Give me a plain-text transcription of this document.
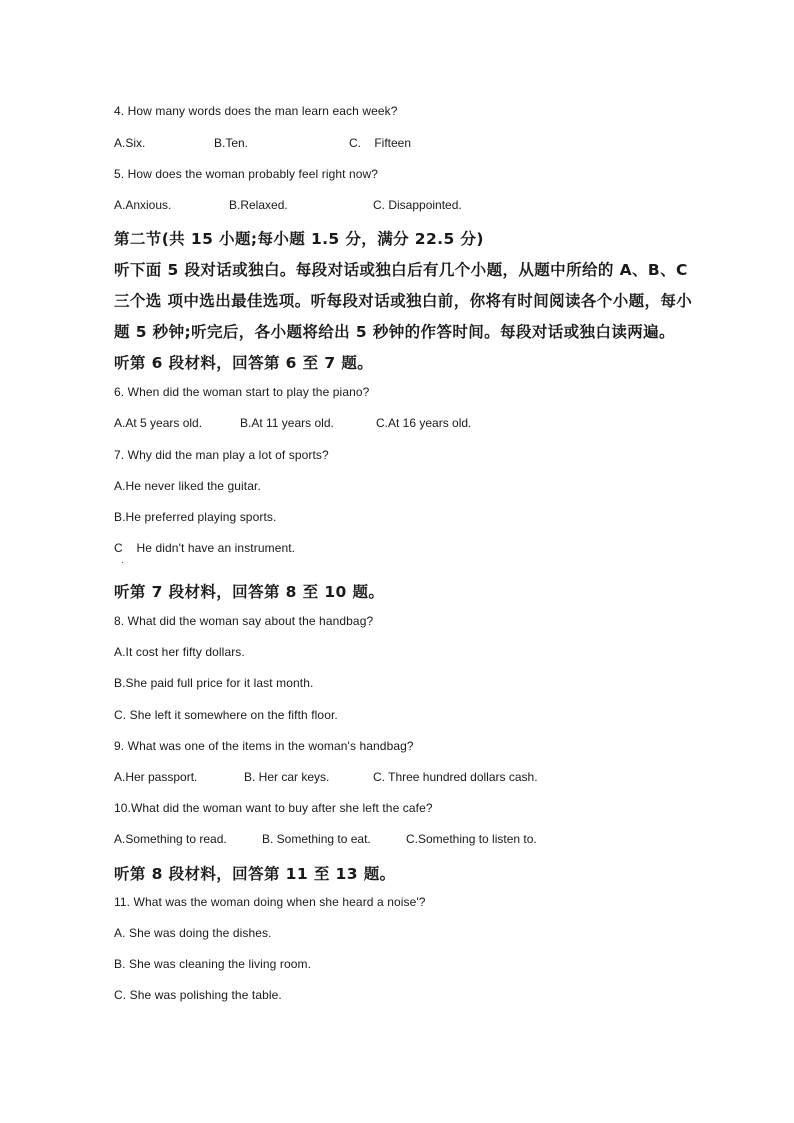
4. How many words does the man learn each week?
A.Six.	B.Ten.	C.    Fifteen
5. How does the woman probably feel right now?
A.Anxious.	B.Relaxed.	C. Disappointed.
第二节(共 15 小题;每小题 1.5 分，满分 22.5 分)
听下面 5 段对话或独白。每段对话或独白后有几个小题，从题中所给的 A、B、C
三个选 项中选出最佳选项。听每段对话或独白前，你将有时间阅读各个小题，每小
题 5 秒钟;听完后，各小题将给出 5 秒钟的作答时间。每段对话或独白读两遍。
听第 6 段材料，回答第 6 至 7 题。
6. When did the woman start to play the piano?
A.At 5 years old.	B.At 11 years old.	C.At 16 years old.
7. Why did the man play a lot of sports?
A.He never liked the guitar.
B.He preferred playing sports.
C    He didn't have an instrument.
听第 7 段材料，回答第 8 至 10 题。
8. What did the woman say about the handbag?
A.It cost her fifty dollars.
B.She paid full price for it last month.
C. She left it somewhere on the fifth floor.
9. What was one of the items in the woman's handbag?
A.Her passport.	B. Her car keys.	C. Three hundred dollars cash.
10.What did the woman want to buy after she left the cafe?
A.Something to read.	B. Something to eat.	C.Something to listen to.
听第 8 段材料，回答第 11 至 13 题。
11. What was the woman doing when she heard a noise'?
A. She was doing the dishes.
B. She was cleaning the living room.
C. She was polishing the table.
